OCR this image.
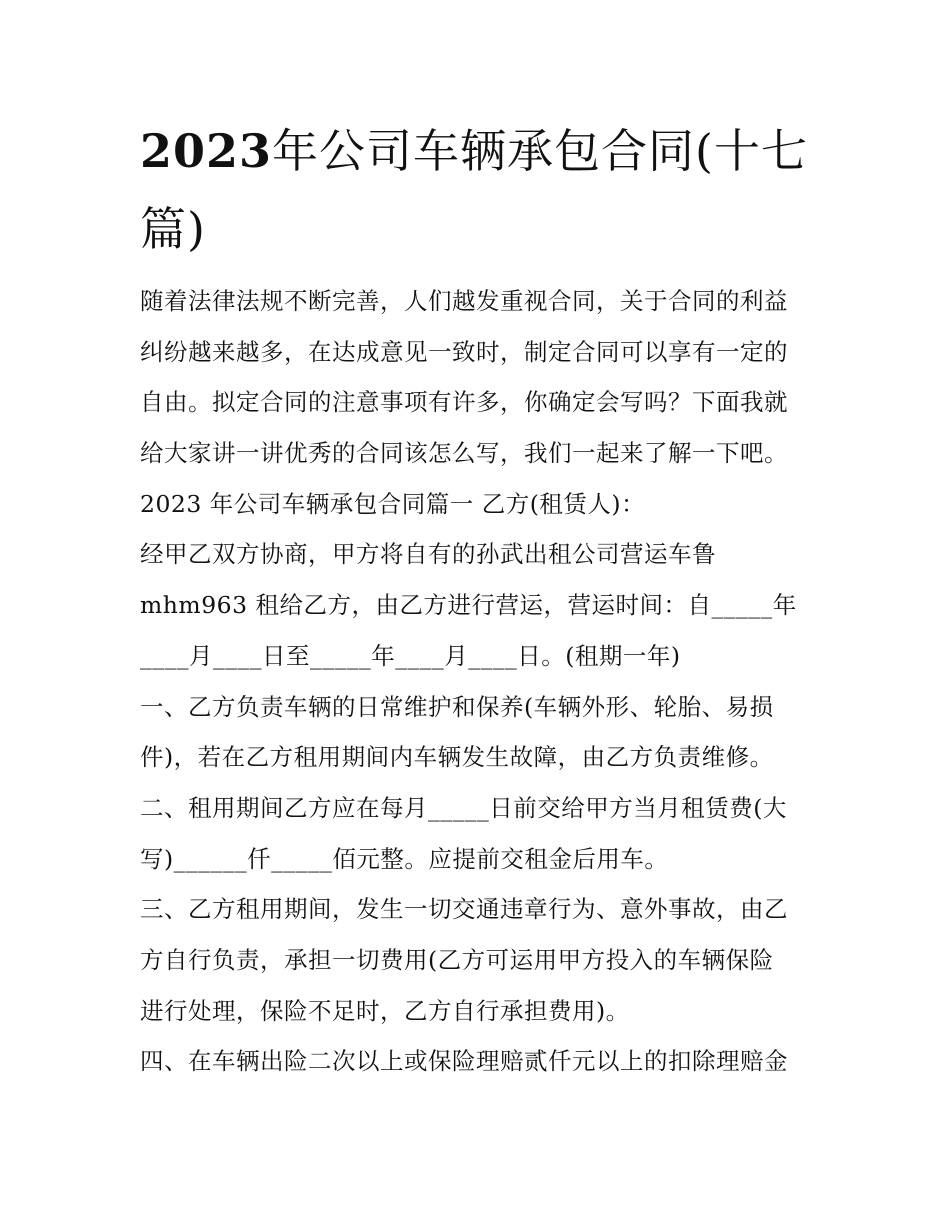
2023年公司车辆承包合同(十七篇)
随着法律法规不断完善，人们越发重视合同，关于合同的利益
纠纷越来越多，在达成意见一致时，制定合同可以享有一定的
自由。拟定合同的注意事项有许多，你确定会写吗？下面我就
给大家讲一讲优秀的合同该怎么写，我们一起来了解一下吧。
2023 年公司车辆承包合同篇一 乙方(租赁人)：
经甲乙双方协商，甲方将自有的孙武出租公司营运车鲁
mhm963 租给乙方，由乙方进行营运，营运时间：自_____年
____月____日至_____年____月____日。(租期一年)
一、乙方负责车辆的日常维护和保养(车辆外形、轮胎、易损
件)，若在乙方租用期间内车辆发生故障，由乙方负责维修。
二、租用期间乙方应在每月_____日前交给甲方当月租赁费(大
写)______仟_____佰元整。应提前交租金后用车。
三、乙方租用期间，发生一切交通违章行为、意外事故，由乙
方自行负责，承担一切费用(乙方可运用甲方投入的车辆保险
进行处理，保险不足时，乙方自行承担费用)。
四、在车辆出险二次以上或保险理赔贰仟元以上的扣除理赔金
